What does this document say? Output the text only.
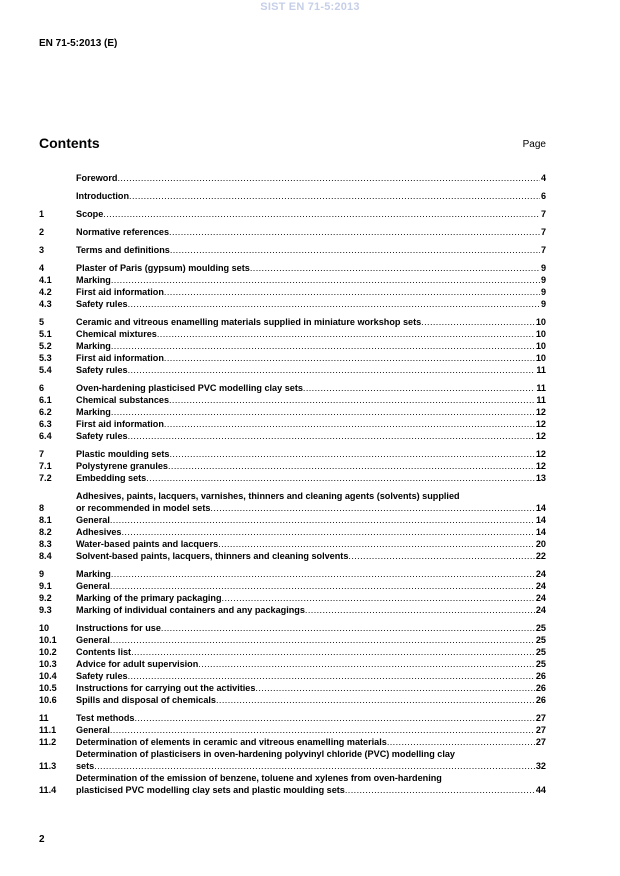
SIST EN 71-5:2013
EN 71-5:2013 (E)
Contents	Page
Foreword .....	4
Introduction .....	6
1	Scope .....	7
2	Normative references .....	7
3	Terms and definitions .....	7
4	Plaster of Paris (gypsum) moulding sets .....	9
4.1	Marking .....	9
4.2	First aid information .....	9
4.3	Safety rules .....	9
5	Ceramic and vitreous enamelling materials supplied in miniature workshop sets .....	10
5.1	Chemical mixtures .....	10
5.2	Marking .....	10
5.3	First aid information .....	10
5.4	Safety rules .....	11
6	Oven-hardening plasticised PVC modelling clay sets .....	11
6.1	Chemical substances .....	11
6.2	Marking .....	12
6.3	First aid information .....	12
6.4	Safety rules .....	12
7	Plastic moulding sets .....	12
7.1	Polystyrene granules .....	12
7.2	Embedding sets .....	13
8
Adhesives, paints, lacquers, varnishes, thinners and cleaning agents (solvents) supplied
or recommended in model sets .....	14
8.1	General .....	14
8.2	Adhesives .....	14
8.3	Water-based paints and lacquers .....	20
8.4	Solvent-based paints, lacquers, thinners and cleaning solvents .....	22
9	Marking .....	24
9.1	General .....	24
9.2	Marking of the primary packaging .....	24
9.3	Marking of individual containers and any packagings .....	24
10	Instructions for use .....	25
10.1	General .....	25
10.2	Contents list .....	25
10.3	Advice for adult supervision .....	25
10.4	Safety rules .....	26
10.5	Instructions for carrying out the activities .....	26
10.6	Spills and disposal of chemicals .....	26
11	Test methods .....	27
11.1	General .....	27
11.2	Determination of elements in ceramic and vitreous enamelling materials .....	27
11.3
Determination of plasticisers in oven-hardening polyvinyl chloride (PVC) modelling clay
sets .....	32
11.4
Determination of the emission of benzene, toluene and xylenes from oven-hardening
plasticised PVC modelling clay sets and plastic moulding sets .....	44
2
